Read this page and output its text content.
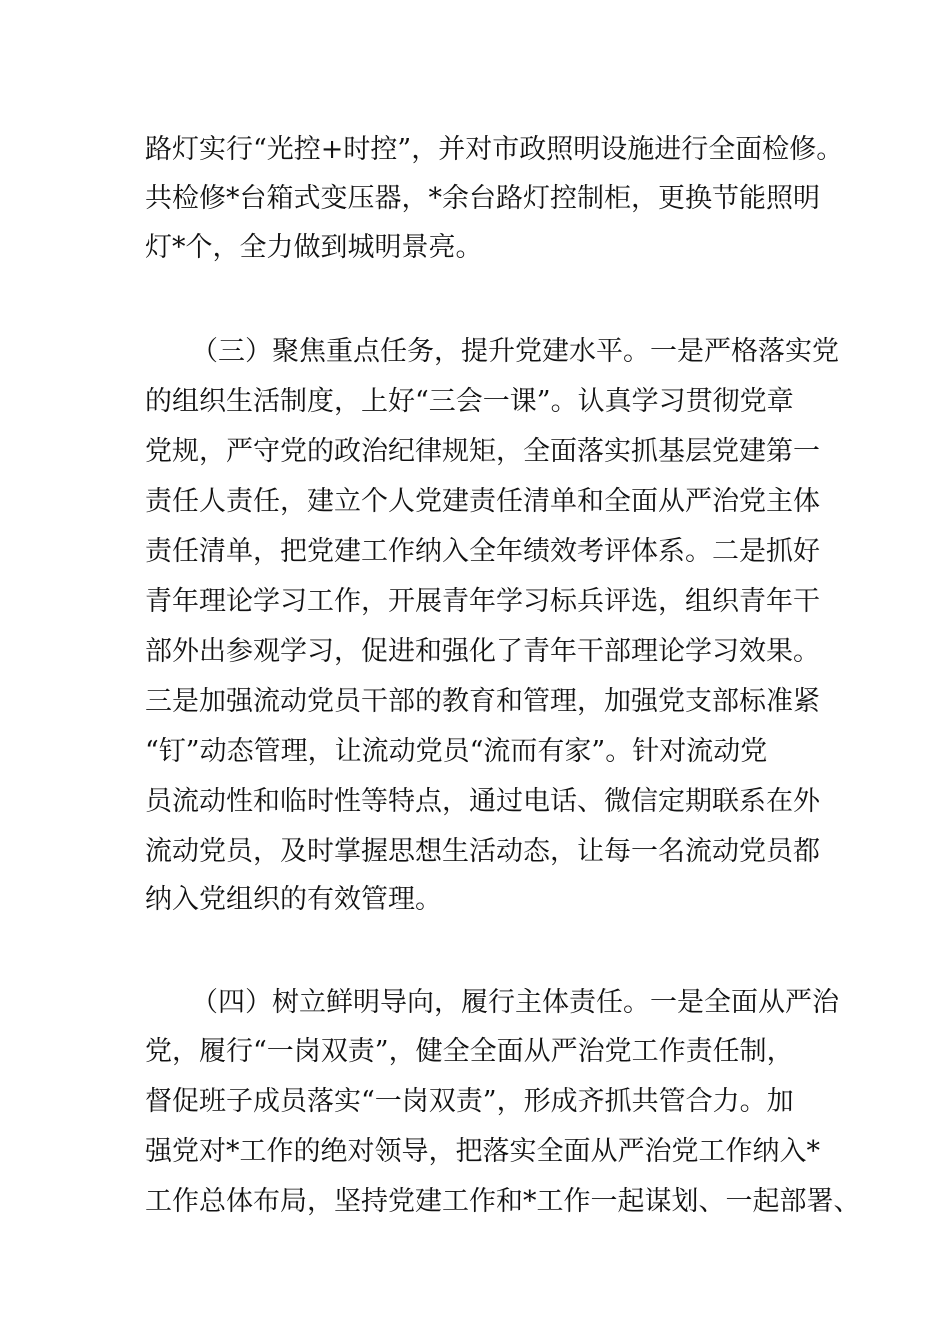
路灯实行“光控+时控”，并对市政照明设施进行全面检修。
共检修*台箱式变压器，*余台路灯控制柜，更换节能照明
灯*个，全力做到城明景亮。
（三）聚焦重点任务，提升党建水平。一是严格落实党
的组织生活制度，上好“三会一课”。认真学习贯彻党章
党规，严守党的政治纪律规矩，全面落实抓基层党建第一
责任人责任，建立个人党建责任清单和全面从严治党主体
责任清单，把党建工作纳入全年绩效考评体系。二是抓好
青年理论学习工作，开展青年学习标兵评选，组织青年干
部外出参观学习，促进和强化了青年干部理论学习效果。
三是加强流动党员干部的教育和管理，加强党支部标准紧
“钉”动态管理，让流动党员“流而有家”。针对流动党
员流动性和临时性等特点，通过电话、微信定期联系在外
流动党员，及时掌握思想生活动态，让每一名流动党员都
纳入党组织的有效管理。
（四）树立鲜明导向，履行主体责任。一是全面从严治
党，履行“一岗双责”，健全全面从严治党工作责任制，
督促班子成员落实“一岗双责”，形成齐抓共管合力。加
强党对*工作的绝对领导，把落实全面从严治党工作纳入*
工作总体布局，坚持党建工作和*工作一起谋划、一起部署、
